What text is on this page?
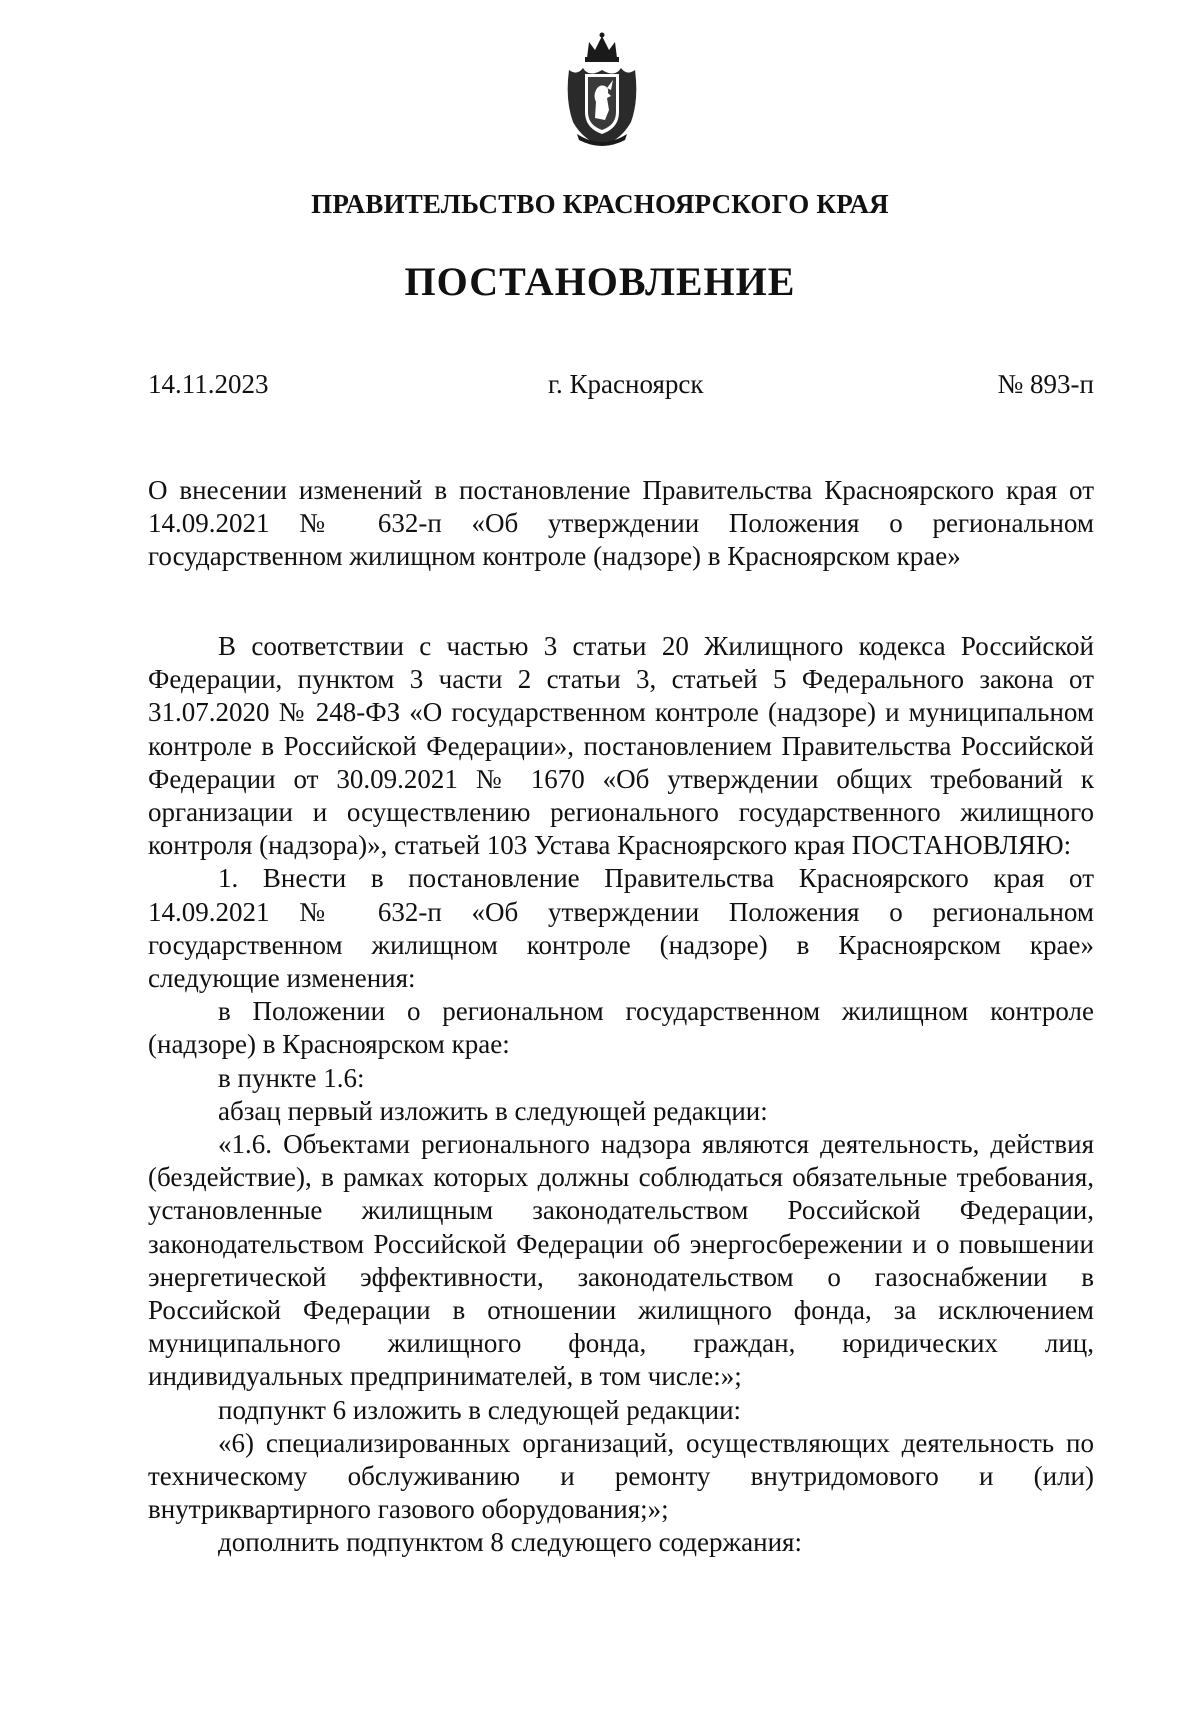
ПРАВИТЕЛЬСТВО КРАСНОЯРСКОГО КРАЯ
ПОСТАНОВЛЕНИЕ
14.11.2023	г. Красноярск	№ 893-п
О внесении изменений в постановление Правительства Красноярского края от 14.09.2021 № 632-п «Об утверждении Положения о региональном государственном жилищном контроле (надзоре) в Красноярском крае»

В соответствии с частью 3 статьи 20 Жилищного кодекса Российской Федерации, пунктом 3 части 2 статьи 3, статьей 5 Федерального закона от 31.07.2020 № 248-ФЗ «О государственном контроле (надзоре) и муниципальном контроле в Российской Федерации», постановлением Правительства Российской Федерации от 30.09.2021 № 1670 «Об утверждении общих требований к организации и осуществлению регионального государственного жилищного контроля (надзора)», статьей 103 Устава Красноярского края ПОСТАНОВЛЯЮ:

1. Внести в постановление Правительства Красноярского края от 14.09.2021 № 632-п «Об утверждении Положения о региональном государственном жилищном контроле (надзоре) в Красноярском крае» следующие изменения:

в Положении о региональном государственном жилищном контроле (надзоре) в Красноярском крае:

в пункте 1.6:

абзац первый изложить в следующей редакции:

«1.6. Объектами регионального надзора являются деятельность, действия (бездействие), в рамках которых должны соблюдаться обязательные требования, установленные жилищным законодательством Российской Федерации, законодательством Российской Федерации об энергосбережении и о повышении энергетической эффективности, законодательством о газоснабжении в Российской Федерации в отношении жилищного фонда, за исключением муниципального жилищного фонда, граждан, юридических лиц, индивидуальных предпринимателей, в том числе:»;

подпункт 6 изложить в следующей редакции:

«6) специализированных организаций, осуществляющих деятельность по техническому обслуживанию и ремонту внутридомового и (или) внутриквартирного газового оборудования;»;

дополнить подпунктом 8 следующего содержания:
